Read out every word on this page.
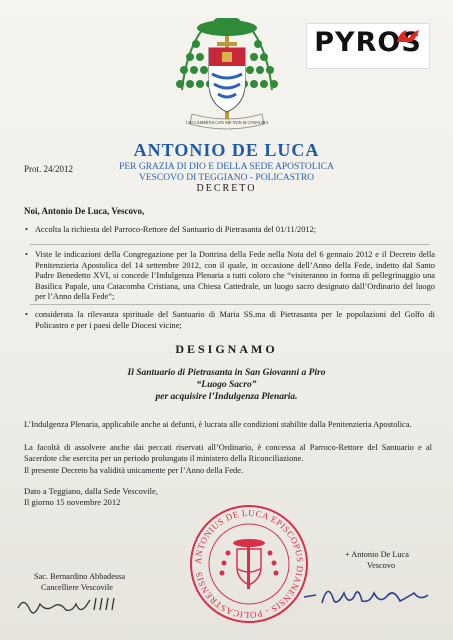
CHI CAMMINA CON ME NON SI CONSUMA
PYROS
ANTONIO DE LUCA
PER GRAZIA DI DIO E DELLA SEDE APOSTOLICA
VESCOVO DI TEGGIANO - POLICASTRO
Prot. 24/2012
DECRETO
Noi, Antonio De Luca, Vescovo,
• Accolta la richiesta del Parroco-Rettore del Santuario di Pietrasanta del 01/11/2012;
• Viste le indicazioni della Congregazione per la Dottrina della Fede nella Nota del 6 gennaio 2012 e il Decreto della Penitenzieria Apostolica del 14 settembre 2012, con il quale, in occasione dell’Anno della Fede, indetto dal Santo Padre Benedetto XVI, si concede l’Indulgenza Plenaria a tutti coloro che “visiteranno in forma di pellegrinaggio una Basilica Papale, una Catacomba Cristiana, una Chiesa Cattedrale, un luogo sacro designato dall’Ordinario del luogo per l’Anno della Fede”;
• considerata la rilevanza spirituale del Santuario di Maria SS.ma di Pietrasanta per le popolazioni del Golfo di Policastro e per i paesi delle Diocesi vicine;
DESIGNAMO
Il Santuario di Pietrasanta in San Giovanni a Piro
“Luogo Sacro”
per acquisire l’Indulgenza Plenaria.
L’Indulgenza Plenaria, applicabile anche ai defunti, è lucrata alle condizioni stabilite dalla Penitenzieria Apostolica.
La facoltà di assolvere anche dai peccati riservati all’Ordinario, è concessa al Parroco-Rettore del Santuario e al Sacerdote che esercita per un periodo prolungato il ministero della Riconciliazione.
Il presente Decreto ha validità unicamente per l’Anno della Fede.
Dato a Teggiano, dalla Sede Vescovile,
Il giorno 15 novembre 2012
ANTONIUS DE LUCA EPISCOPUS DIANENSIS - POLICASTRENSIS
+ Antonio De Luca
Vescovo
Sac. Bernardino Abbadessa
Cancelliere Vescovile
